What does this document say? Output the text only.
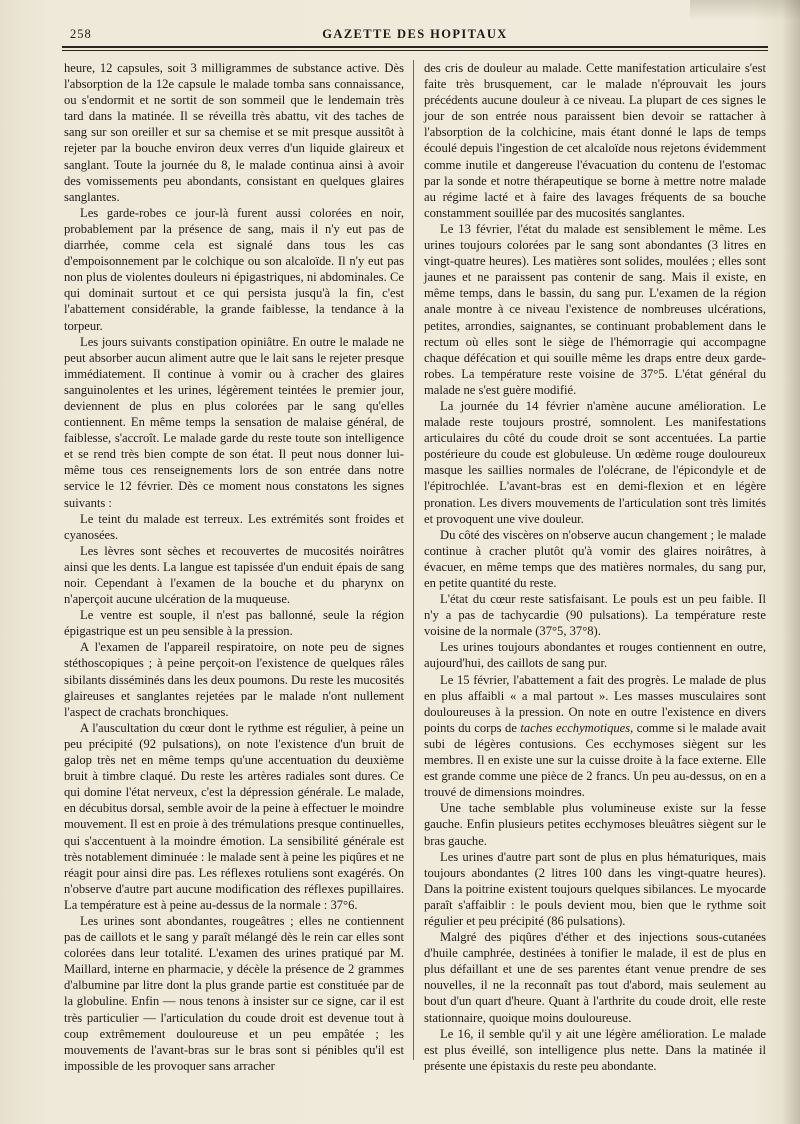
258	GAZETTE DES HOPITAUX

heure, 12 capsules, soit 3 milligrammes de substance active. Dès l'absorption de la 12e capsule le malade tomba sans connaissance, ou s'endormit et ne sortit de son sommeil que le lendemain très tard dans la matinée. Il se réveilla très abattu, vit des taches de sang sur son oreiller et sur sa chemise et se mit presque aussitôt à rejeter par la bouche environ deux verres d'un liquide glaireux et sanglant. Toute la journée du 8, le malade continua ainsi à avoir des vomissements peu abondants, consistant en quelques glaires sanglantes.

Les garde-robes ce jour-là furent aussi colorées en noir, probablement par la présence de sang, mais il n'y eut pas de diarrhée, comme cela est signalé dans tous les cas d'empoisonnement par le colchique ou son alcaloïde. Il n'y eut pas non plus de violentes douleurs ni épigastriques, ni abdominales. Ce qui dominait surtout et ce qui persista jusqu'à la fin, c'est l'abattement considérable, la grande faiblesse, la tendance à la torpeur.

Les jours suivants constipation opiniâtre. En outre le malade ne peut absorber aucun aliment autre que le lait sans le rejeter presque immédiatement. Il continue à vomir ou à cracher des glaires sanguinolentes et les urines, légèrement teintées le premier jour, deviennent de plus en plus colorées par le sang qu'elles contiennent. En même temps la sensation de malaise général, de faiblesse, s'accroît. Le malade garde du reste toute son intelligence et se rend très bien compte de son état. Il peut nous donner lui-même tous ces renseignements lors de son entrée dans notre service le 12 février. Dès ce moment nous constatons les signes suivants :

Le teint du malade est terreux. Les extrémités sont froides et cyanosées.

Les lèvres sont sèches et recouvertes de mucosités noirâtres ainsi que les dents. La langue est tapissée d'un enduit épais de sang noir. Cependant à l'examen de la bouche et du pharynx on n'aperçoit aucune ulcération de la muqueuse.

Le ventre est souple, il n'est pas ballonné, seule la région épigastrique est un peu sensible à la pression.

A l'examen de l'appareil respiratoire, on note peu de signes stéthoscopiques ; à peine perçoit-on l'existence de quelques râles sibilants disséminés dans les deux poumons. Du reste les mucosités glaireuses et sanglantes rejetées par le malade n'ont nullement l'aspect de crachats bronchiques.

A l'auscultation du cœur dont le rythme est régulier, à peine un peu précipité (92 pulsations), on note l'existence d'un bruit de galop très net en même temps qu'une accentuation du deuxième bruit à timbre claqué. Du reste les artères radiales sont dures. Ce qui domine l'état nerveux, c'est la dépression générale. Le malade, en décubitus dorsal, semble avoir de la peine à effectuer le moindre mouvement. Il est en proie à des trémulations presque continuelles, qui s'accentuent à la moindre émotion. La sensibilité générale est très notablement diminuée : le malade sent à peine les piqûres et ne réagit pour ainsi dire pas. Les réflexes rotuliens sont exagérés. On n'observe d'autre part aucune modification des réflexes pupillaires. La température est à peine au-dessus de la normale : 37°6.

Les urines sont abondantes, rougeâtres ; elles ne contiennent pas de caillots et le sang y paraît mélangé dès le rein car elles sont colorées dans leur totalité. L'examen des urines pratiqué par M. Maillard, interne en pharmacie, y décèle la présence de 2 grammes d'albumine par litre dont la plus grande partie est constituée par de la globuline. Enfin — nous tenons à insister sur ce signe, car il est très particulier — l'articulation du coude droit est devenue tout à coup extrêmement douloureuse et un peu empâtée ; les mouvements de l'avant-bras sur le bras sont si pénibles qu'il est impossible de les provoquer sans arracher

des cris de douleur au malade. Cette manifestation articulaire s'est faite très brusquement, car le malade n'éprouvait les jours précédents aucune douleur à ce niveau. La plupart de ces signes le jour de son entrée nous paraissent bien devoir se rattacher à l'absorption de la colchicine, mais étant donné le laps de temps écoulé depuis l'ingestion de cet alcaloïde nous rejetons évidemment comme inutile et dangereuse l'évacuation du contenu de l'estomac par la sonde et notre thérapeutique se borne à mettre notre malade au régime lacté et à faire des lavages fréquents de sa bouche constamment souillée par des mucosités sanglantes.

Le 13 février, l'état du malade est sensiblement le même. Les urines toujours colorées par le sang sont abondantes (3 litres en vingt-quatre heures). Les matières sont solides, moulées ; elles sont jaunes et ne paraissent pas contenir de sang. Mais il existe, en même temps, dans le bassin, du sang pur. L'examen de la région anale montre à ce niveau l'existence de nombreuses ulcérations, petites, arrondies, saignantes, se continuant probablement dans le rectum où elles sont le siège de l'hémorragie qui accompagne chaque défécation et qui souille même les draps entre deux garde-robes. La température reste voisine de 37°5. L'état général du malade ne s'est guère modifié.

La journée du 14 février n'amène aucune amélioration. Le malade reste toujours prostré, somnolent. Les manifestations articulaires du côté du coude droit se sont accentuées. La partie postérieure du coude est globuleuse. Un œdème rouge douloureux masque les saillies normales de l'olécrane, de l'épicondyle et de l'épitrochlée. L'avant-bras est en demi-flexion et en légère pronation. Les divers mouvements de l'articulation sont très limités et provoquent une vive douleur.

Du côté des viscères on n'observe aucun changement ; le malade continue à cracher plutôt qu'à vomir des glaires noirâtres, à évacuer, en même temps que des matières normales, du sang pur, en petite quantité du reste.

L'état du cœur reste satisfaisant. Le pouls est un peu faible. Il n'y a pas de tachycardie (90 pulsations). La température reste voisine de la normale (37°5, 37°8).

Les urines toujours abondantes et rouges contiennent en outre, aujourd'hui, des caillots de sang pur.

Le 15 février, l'abattement a fait des progrès. Le malade de plus en plus affaibli « a mal partout ». Les masses musculaires sont douloureuses à la pression. On note en outre l'existence en divers points du corps de taches ecchymotiques, comme si le malade avait subi de légères contusions. Ces ecchymoses siègent sur les membres. Il en existe une sur la cuisse droite à la face externe. Elle est grande comme une pièce de 2 francs. Un peu au-dessus, on en a trouvé de dimensions moindres.

Une tache semblable plus volumineuse existe sur la fesse gauche. Enfin plusieurs petites ecchymoses bleuâtres siègent sur le bras gauche.

Les urines d'autre part sont de plus en plus hématuriques, mais toujours abondantes (2 litres 100 dans les vingt-quatre heures). Dans la poitrine existent toujours quelques sibilances. Le myocarde paraît s'affaiblir : le pouls devient mou, bien que le rythme soit régulier et peu précipité (86 pulsations).

Malgré des piqûres d'éther et des injections sous-cutanées d'huile camphrée, destinées à tonifier le malade, il est de plus en plus défaillant et une de ses parentes étant venue prendre de ses nouvelles, il ne la reconnaît pas tout d'abord, mais seulement au bout d'un quart d'heure. Quant à l'arthrite du coude droit, elle reste stationnaire, quoique moins douloureuse.

Le 16, il semble qu'il y ait une légère amélioration. Le malade est plus éveillé, son intelligence plus nette. Dans la matinée il présente une épistaxis du reste peu abondante.
